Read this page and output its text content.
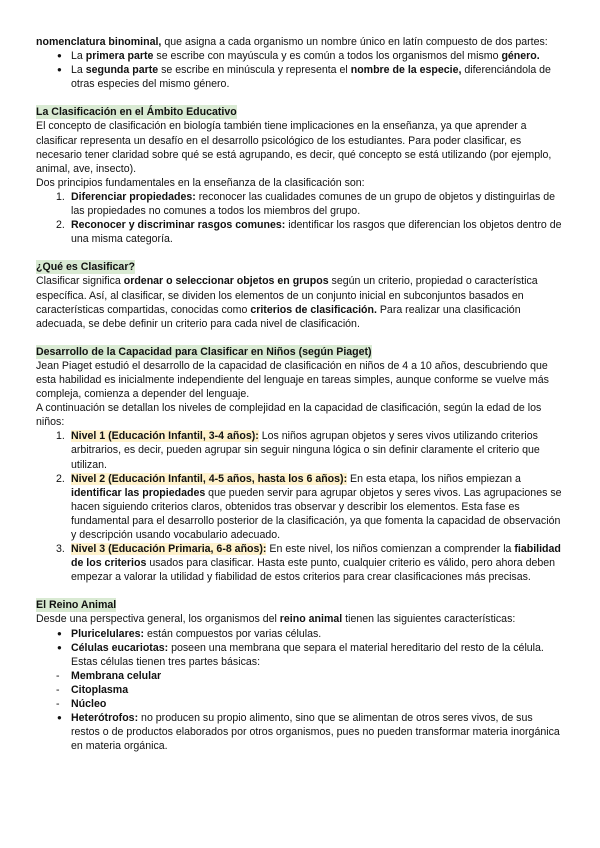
nomenclatura binominal, que asigna a cada organismo un nombre único en latín compuesto de dos partes:

● La primera parte se escribe con mayúscula y es común a todos los organismos del mismo género.
● La segunda parte se escribe en minúscula y representa el nombre de la especie, diferenciándola de otras especies del mismo género.
La Clasificación en el Ámbito Educativo

El concepto de clasificación en biología también tiene implicaciones en la enseñanza, ya que aprender a clasificar representa un desafío en el desarrollo psicológico de los estudiantes. Para poder clasificar, es necesario tener claridad sobre qué se está agrupando, es decir, qué concepto se está utilizando (por ejemplo, animal, ave, insecto).

Dos principios fundamentales en la enseñanza de la clasificación son:

1. Diferenciar propiedades: reconocer las cualidades comunes de un grupo de objetos y distinguirlas de las propiedades no comunes a todos los miembros del grupo.
2. Reconocer y discriminar rasgos comunes: identificar los rasgos que diferencian los objetos dentro de una misma categoría.
¿Qué es Clasificar?

Clasificar significa ordenar o seleccionar objetos en grupos según un criterio, propiedad o característica específica. Así, al clasificar, se dividen los elementos de un conjunto inicial en subconjuntos basados en características compartidas, conocidas como criterios de clasificación. Para realizar una clasificación adecuada, se debe definir un criterio para cada nivel de clasificación.

Desarrollo de la Capacidad para Clasificar en Niños (según Piaget)

Jean Piaget estudió el desarrollo de la capacidad de clasificación en niños de 4 a 10 años, descubriendo que esta habilidad es inicialmente independiente del lenguaje en tareas simples, aunque conforme se vuelve más compleja, comienza a depender del lenguaje.

A continuación se detallan los niveles de complejidad en la capacidad de clasificación, según la edad de los niños:

1. Nivel 1 (Educación Infantil, 3-4 años): Los niños agrupan objetos y seres vivos utilizando criterios arbitrarios, es decir, pueden agrupar sin seguir ninguna lógica o sin definir claramente el criterio que utilizan.
2. Nivel 2 (Educación Infantil, 4-5 años, hasta los 6 años): En esta etapa, los niños empiezan a identificar las propiedades que pueden servir para agrupar objetos y seres vivos. Las agrupaciones se hacen siguiendo criterios claros, obtenidos tras observar y describir los elementos. Esta fase es fundamental para el desarrollo posterior de la clasificación, ya que fomenta la capacidad de observación y descripción usando vocabulario adecuado.
3. Nivel 3 (Educación Primaria, 6-8 años): En este nivel, los niños comienzan a comprender la fiabilidad de los criterios usados para clasificar. Hasta este punto, cualquier criterio es válido, pero ahora deben empezar a valorar la utilidad y fiabilidad de estos criterios para crear clasificaciones más precisas.
El Reino Animal

Desde una perspectiva general, los organismos del reino animal tienen las siguientes características:

● Pluricelulares: están compuestos por varias células.
● Células eucariotas: poseen una membrana que separa el material hereditario del resto de la célula. Estas células tienen tres partes básicas:
- Membrana celular
- Citoplasma
- Núcleo
● Heterótrofos: no producen su propio alimento, sino que se alimentan de otros seres vivos, de sus restos o de productos elaborados por otros organismos, pues no pueden transformar materia inorgánica en materia orgánica.
